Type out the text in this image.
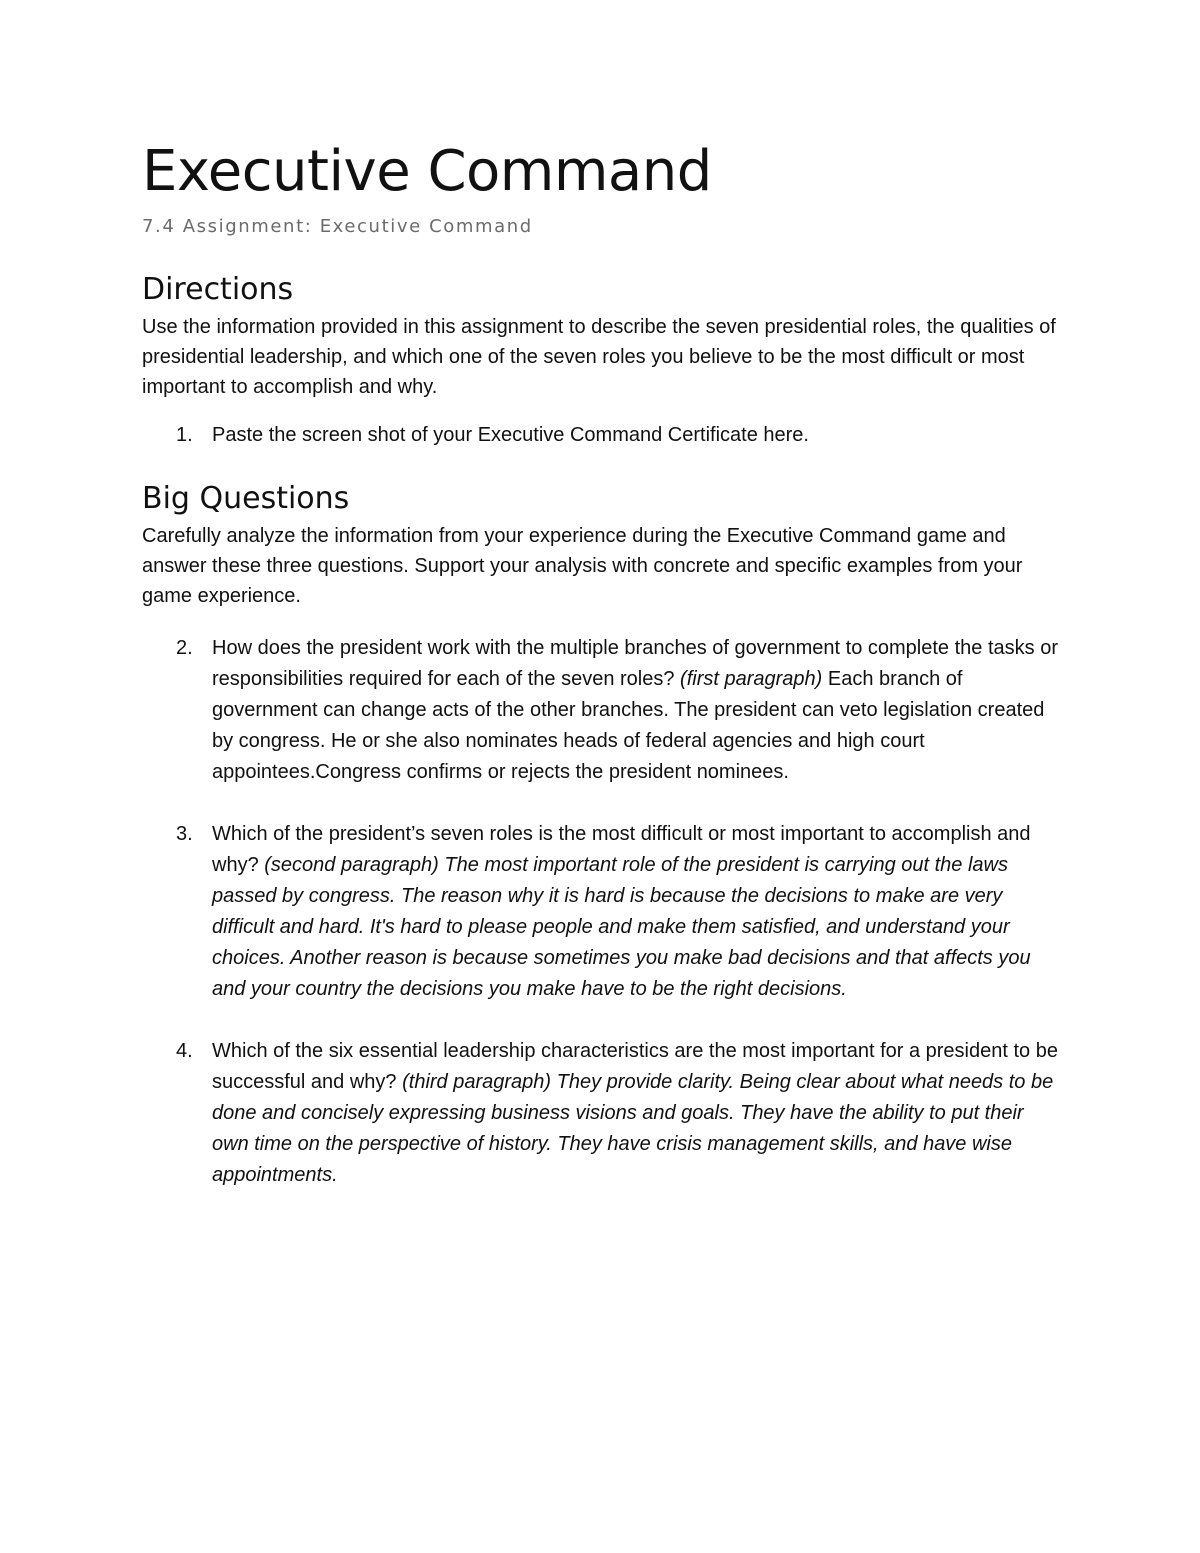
Executive Command

7.4 Assignment: Executive Command

Directions

Use the information provided in this assignment to describe the seven presidential roles, the qualities of presidential leadership, and which one of the seven roles you believe to be the most difficult or most important to accomplish and why.

1. Paste the screen shot of your Executive Command Certificate here.
Big Questions

Carefully analyze the information from your experience during the Executive Command game and answer these three questions. Support your analysis with concrete and specific examples from your game experience.

2. How does the president work with the multiple branches of government to complete the tasks or responsibilities required for each of the seven roles? (first paragraph) Each branch of government can change acts of the other branches. The president can veto legislation created by congress. He or she also nominates heads of federal agencies and high court appointees.Congress confirms or rejects the president nominees.
3. Which of the president’s seven roles is the most difficult or most important to accomplish and why? (second paragraph) The most important role of the president is carrying out the laws passed by congress. The reason why it is hard is because the decisions to make are very difficult and hard. It's hard to please people and make them satisfied, and understand your choices. Another reason is because sometimes you make bad decisions and that affects you and your country the decisions you make have to be the right decisions.
4. Which of the six essential leadership characteristics are the most important for a president to be successful and why? (third paragraph) They provide clarity. Being clear about what needs to be done and concisely expressing business visions and goals. They have the ability to put their own time on the perspective of history. They have crisis management skills, and have wise appointments.
